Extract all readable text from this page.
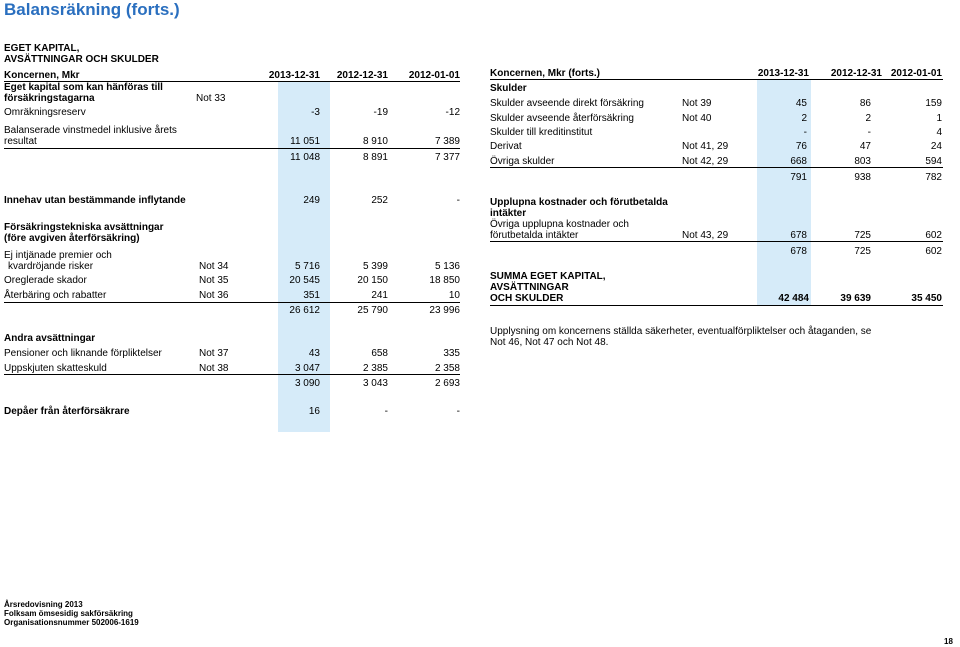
Balansräkning (forts.)
EGET KAPITAL,
AVSÄTTNINGAR OCH SKULDER
Koncernen, Mkr	2013-12-31	2012-12-31	2012-01-01
Eget kapital som kan hänföras till
försäkringstagarna	Not 33
Omräkningsreserv	-3	-19	-12
Balanserade vinstmedel inklusive årets
resultat	11 051	8 910	7 389
11 048	8 891	7 377
Innehav utan bestämmande inflytande	249	252	-
Försäkringstekniska avsättningar
(före avgiven återförsäkring)
Ej intjänade premier och
kvardröjande risker	Not 34	5 716	5 399	5 136
Oreglerade skador	Not 35	20 545	20 150	18 850
Återbäring och rabatter	Not 36	351	241	10
26 612	25 790	23 996
Andra avsättningar
Pensioner och liknande förpliktelser	Not 37	43	658	335
Uppskjuten skatteskuld	Not 38	3 047	2 385	2 358
3 090	3 043	2 693
Depåer från återförsäkrare	16	-	-
Koncernen, Mkr (forts.)	2013-12-31	2012-12-31 2012-01-01
Skulder
Skulder avseende direkt försäkring	Not 39	45	86	159
Skulder avseende återförsäkring	Not 40	2	2	1
Skulder till kreditinstitut	-	-	4
Derivat	Not 41, 29	76	47	24
Övriga skulder	Not 42, 29	668	803	594
791	938	782
Upplupna kostnader och förutbetalda
intäkter
Övriga upplupna kostnader och
förutbetalda intäkter	Not 43, 29	678	725	602
678	725	602
SUMMA EGET KAPITAL,
AVSÄTTNINGAR
OCH SKULDER	42 484	39 639	35 450
Upplysning om koncernens ställda säkerheter, eventualförpliktelser och åtaganden, se
Not 46, Not 47 och Not 48.
Årsredovisning 2013
Folksam ömsesidig sakförsäkring
Organisationsnummer 502006-1619
18
